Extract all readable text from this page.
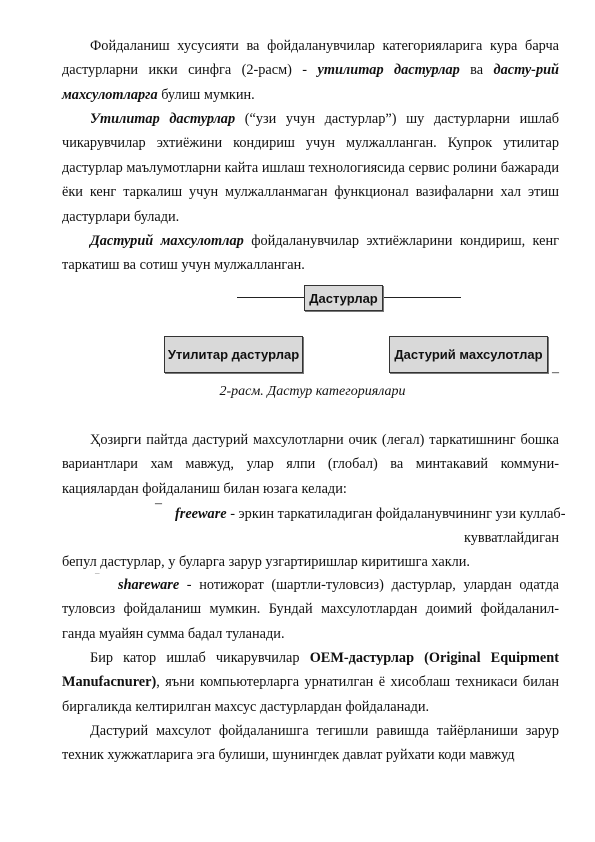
Фойдаланиш хусусияти ва фойдаланувчилар категорияларига кура барча дастурларни икки синфга (2-расм) - утилитар дастурлар ва дасту-рий махсулотларга булиш мумкин.

Утилитар дастурлар (“узи учун дастурлар”) шу дастурларни ишлаб чикарувчилар эхтиёжини кондириш учун мулжалланган. Купрок утилитар дастурлар маълумотларни кайта ишлаш технологиясида сервис ролини бажаради ёки кенг таркалиш учун мулжалланмаган функционал вазифаларни хал этиш дастурлари булади.

Дастурий махсулотлар фойдаланувчилар эхтиёжларини кондириш, кенг таркатиш ва сотиш учун мулжалланган.

Дастурлар
Утилитар дастурлар	Дастурий махсулотлар
–
2-расм. Дастур категориялари

Ҳозирги пайтда дастурий махсулотларни очик (легал) таркатишнинг бошка вариантлари хам мавжуд, улар ялпи (глобал) ва минтакавий коммуни-кациялардан фойдаланиш билан юзага келади:

–
freeware - эркин таркатиладиган фойдаланувчининг узи куллаб-
кувватлайдиган
бепул дастурлар, у буларга зарур узгартиришлар киритишга хакли.
–

shareware - нотижорат (шартли-туловсиз) дастурлар, улардан одатда туловсиз фойдаланиш мумкин. Бундай махсулотлардан доимий фойдаланил-ганда муайян сумма бадал туланади.

Бир катор ишлаб чикарувчилар OEM-дастурлар (Original Equipment Manufacnurer), яъни компьютерларга урнатилган ё хисоблаш техникаси билан биргаликда келтирилган махсус дастурлардан фойдаланади.

Дастурий махсулот фойдаланишга тегишли равишда тайёрланиши зарур техник хужжатларига эга булиши, шунингдек давлат руйхати коди мавжуд
